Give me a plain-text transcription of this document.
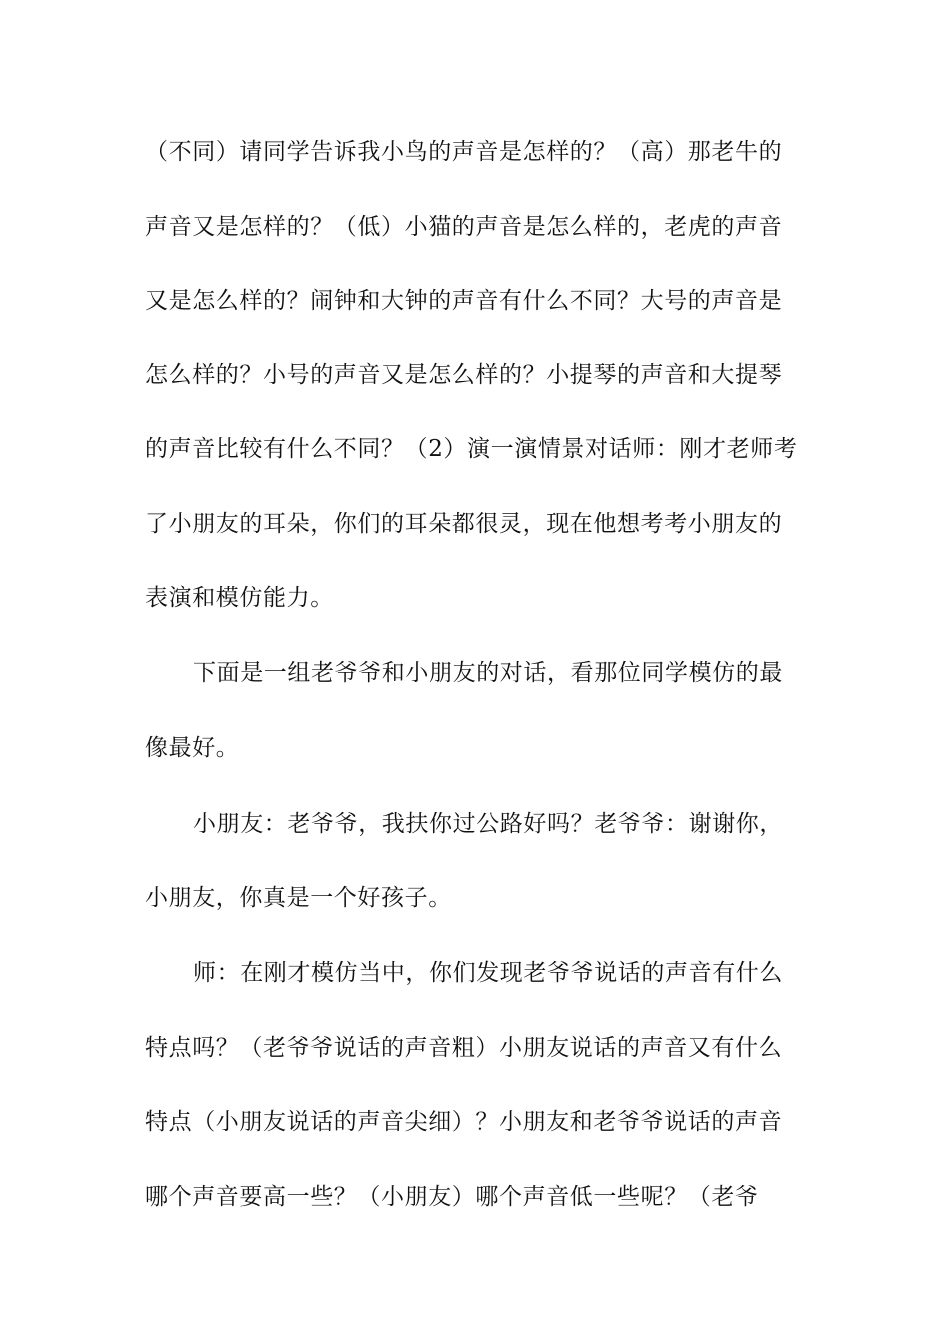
（不同）请同学告诉我小鸟的声音是怎样的？（高）那老牛的

声音又是怎样的？（低）小猫的声音是怎么样的，老虎的声音

又是怎么样的？闹钟和大钟的声音有什么不同？大号的声音是

怎么样的？小号的声音又是怎么样的？小提琴的声音和大提琴

的声音比较有什么不同？（2）演一演情景对话师：刚才老师考

了小朋友的耳朵，你们的耳朵都很灵，现在他想考考小朋友的

表演和模仿能力。

下面是一组老爷爷和小朋友的对话，看那位同学模仿的最

像最好。

小朋友：老爷爷，我扶你过公路好吗？老爷爷：谢谢你，

小朋友，你真是一个好孩子。

师：在刚才模仿当中，你们发现老爷爷说话的声音有什么

特点吗？（老爷爷说话的声音粗）小朋友说话的声音又有什么

特点（小朋友说话的声音尖细）？小朋友和老爷爷说话的声音

哪个声音要高一些？（小朋友）哪个声音低一些呢？（老爷
